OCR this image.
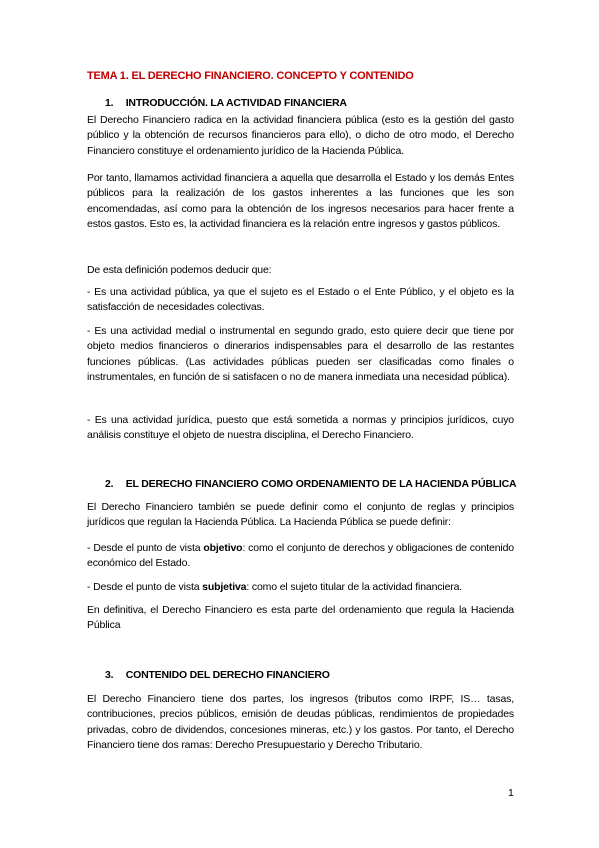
TEMA 1. EL DERECHO FINANCIERO. CONCEPTO Y CONTENIDO
1. INTRODUCCIÓN. LA ACTIVIDAD FINANCIERA

El Derecho Financiero radica en la actividad financiera pública (esto es la gestión del gasto público y la obtención de recursos financieros para ello), o dicho de otro modo, el Derecho Financiero constituye el ordenamiento jurídico de la Hacienda Pública.

Por tanto, llamamos actividad financiera a aquella que desarrolla el Estado y los demás Entes públicos para la realización de los gastos inherentes a las funciones que les son encomendadas, así como para la obtención de los ingresos necesarios para hacer frente a estos gastos. Esto es, la actividad financiera es la relación entre ingresos y gastos públicos.

De esta definición podemos deducir que:

- Es una actividad pública, ya que el sujeto es el Estado o el Ente Público, y el objeto es la satisfacción de necesidades colectivas.

- Es una actividad medial o instrumental en segundo grado, esto quiere decir que tiene por objeto medios financieros o dinerarios indispensables para el desarrollo de las restantes funciones públicas. (Las actividades públicas pueden ser clasificadas como finales o instrumentales, en función de si satisfacen o no de manera inmediata una necesidad pública).

- Es una actividad jurídica, puesto que está sometida a normas y principios jurídicos, cuyo análisis constituye el objeto de nuestra disciplina, el Derecho Financiero.

2. EL DERECHO FINANCIERO COMO ORDENAMIENTO DE LA HACIENDA PÚBLICA

El Derecho Financiero también se puede definir como el conjunto de reglas y principios jurídicos que regulan la Hacienda Pública. La Hacienda Pública se puede definir:

- Desde el punto de vista objetivo: como el conjunto de derechos y obligaciones de contenido económico del Estado.

- Desde el punto de vista subjetiva: como el sujeto titular de la actividad financiera.

En definitiva, el Derecho Financiero es esta parte del ordenamiento que regula la Hacienda Pública

3. CONTENIDO DEL DERECHO FINANCIERO

El Derecho Financiero tiene dos partes, los ingresos (tributos como IRPF, IS… tasas, contribuciones, precios públicos, emisión de deudas públicas, rendimientos de propiedades privadas, cobro de dividendos, concesiones mineras, etc.) y los gastos. Por tanto, el Derecho Financiero tiene dos ramas: Derecho Presupuestario y Derecho Tributario.

1
